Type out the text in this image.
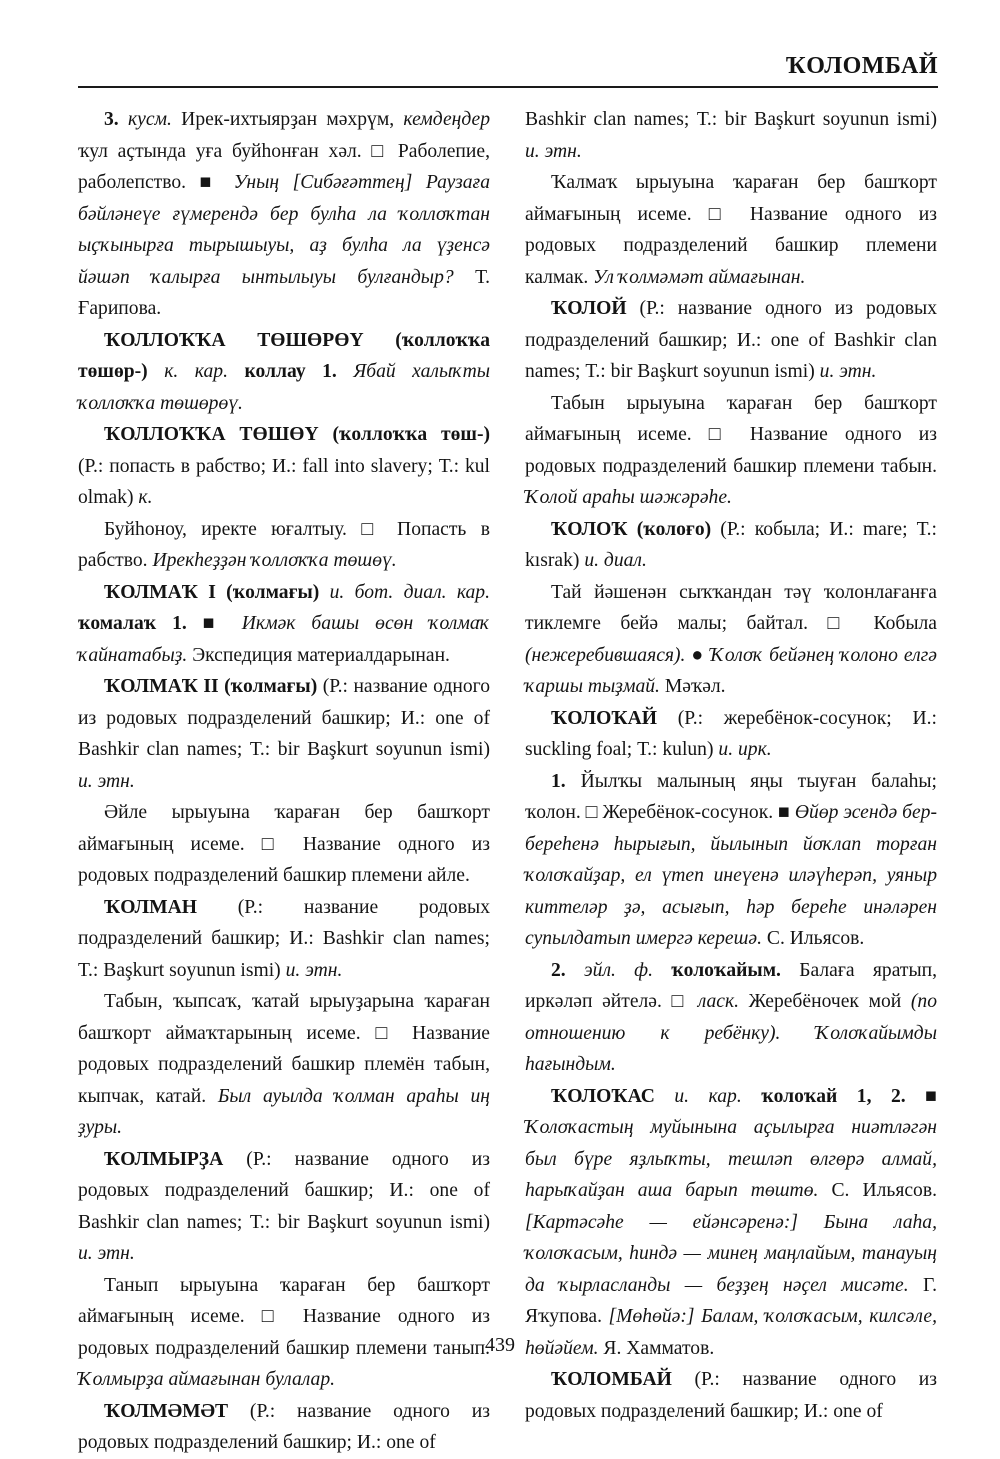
ҠОЛОМБАЙ

3. кусм. Ирек-ихтыярҙан мәхрүм, кемдеңдер ҡул аҫтында уға буйһонған хәл. □ Раболепие, раболепство. ■ Уның [Сибәғәттең] Раузаға бәйләнеүе ғүмерендә бер булһа ла ҡоллоҡтан ыҫҡынырға тырышыуы, аҙ булһа ла үҙенсә йәшәп ҡалырға ынтылыуы булғандыр? Т. Ғарипова.

ҠОЛЛОҠҠА ТӨШӨРӨҮ (ҡоллоҡҡа төшөр-) к. кар. коллау 1. Ябай халыҡты ҡоллоҡҡа төшөрөү.

ҠОЛЛОҠҠА ТӨШӨҮ (ҡоллоҡҡа төш-) (Р.: попасть в рабство; И.: fall into slavery; Т.: kul olmak) к.

Буйһоноу, иректе юғалтыу. □ Попасть в рабство. Ирекһеҙҙән ҡоллоҡҡа төшөү.

ҠОЛМАҠ I (ҡолмағы) и. бот. диал. кар. ҡомалаҡ 1. ■ Икмәк башы өсөн ҡолмаҡ ҡайнатабыҙ. Экспедиция материалдарынан.

ҠОЛМАҠ II (ҡолмағы) (Р.: название одного из родовых подразделений башкир; И.: one of Bashkir clan names; Т.: bir Başkurt soyunun ismi) и. этн.

Әйле ырыуына ҡараған бер башҡорт аймағының исеме. □ Название одного из родовых подразделений башкир племени айле.

ҠОЛМАН (Р.: название родовых подразделений башкир; И.: Bashkir clan names; Т.: Başkurt soyunun ismi) и. этн.

Табын, ҡыпсаҡ, ҡатай ырыуҙарына ҡараған башҡорт аймаҡтарының исеме. □ Название родовых подразделений башкир племён табын, кыпчак, катай. Был ауылда ҡолман араһы иң ҙуры.

ҠОЛМЫРҘА (Р.: название одного из родовых подразделений башкир; И.: one of Bashkir clan names; Т.: bir Başkurt soyunun ismi) и. этн.

Танып ырыуына ҡараған бер башҡорт аймағының исеме. □ Название одного из родовых подразделений башкир племени танып. Ҡолмырҙа аймағынан булалар.

ҠОЛМӘМӘТ (Р.: название одного из родовых подразделений башкир; И.: one of

Bashkir clan names; Т.: bir Başkurt soyunun ismi) и. этн.

Ҡалмаҡ ырыуына ҡараған бер башҡорт аймағының исеме. □ Название одного из родовых подразделений башкир племени калмак. Ул ҡолмәмәт аймағынан.

ҠОЛОЙ (Р.: название одного из родовых подразделений башкир; И.: one of Bashkir clan names; Т.: bir Başkurt soyunun ismi) и. этн.

Табын ырыуына ҡараған бер башҡорт аймағының исеме. □ Название одного из родовых подразделений башкир племени табын. Ҡолой араһы шәжәрәһе.

ҠОЛОҠ (ҡолоғо) (Р.: кобыла; И.: mare; Т.: kısrak) и. диал.

Тай йәшенән сыҡҡандан тәү ҡолонлағанға тиклемге бейә малы; байтал. □ Кобыла (нежеребившаяся). ● Ҡолоҡ бейәнең ҡолоно елгә ҡаршы тыҙмай. Мәҡәл.

ҠОЛОҠАЙ (Р.: жеребёнок-сосунок; И.: suckling foal; Т.: kulun) и. ирк.

1. Йылҡы малының яңы тыуған балаһы; ҡолон. □ Жеребёнок-сосунок. ■ Өйөр эсендә бер-береһенә һырығып, йылынып йоҡлап торған ҡолоҡайҙар, ел үтеп инеүенә иләүһерәп, уяныр киттеләр ҙә, асығып, һәр береһе инәләрен супылдатып имергә керешә. С. Ильясов.

2. эйл. ф. ҡолоҡайым. Балаға яратып, иркәләп әйтелә. □ ласк. Жеребёночек мой (по отношению к ребёнку). Ҡолоҡайымды һағындым.

ҠОЛОҠАС и. кар. ҡолоҡай 1, 2. ■ Ҡолоҡастың муйынына аҫылырға ниәтләгән был бүре яҙлыҡты, тешләп өлгөрә алмай, һарыҡайҙан аша барып төштө. С. Ильясов. [Картәсәһе — ейәнсәренә:] Бына лаһа, ҡолоҡасым, һиндә — минең маңлайым, танауың да ҡырласланды — беҙҙең нәҫел мисәте. Г. Яҡупова. [Мөһөйә:] Балам, ҡолоҡасым, килсәле, һөйәйем. Я. Хамматов.

ҠОЛОМБАЙ (Р.: название одного из родовых подразделений башкир; И.: one of

439
